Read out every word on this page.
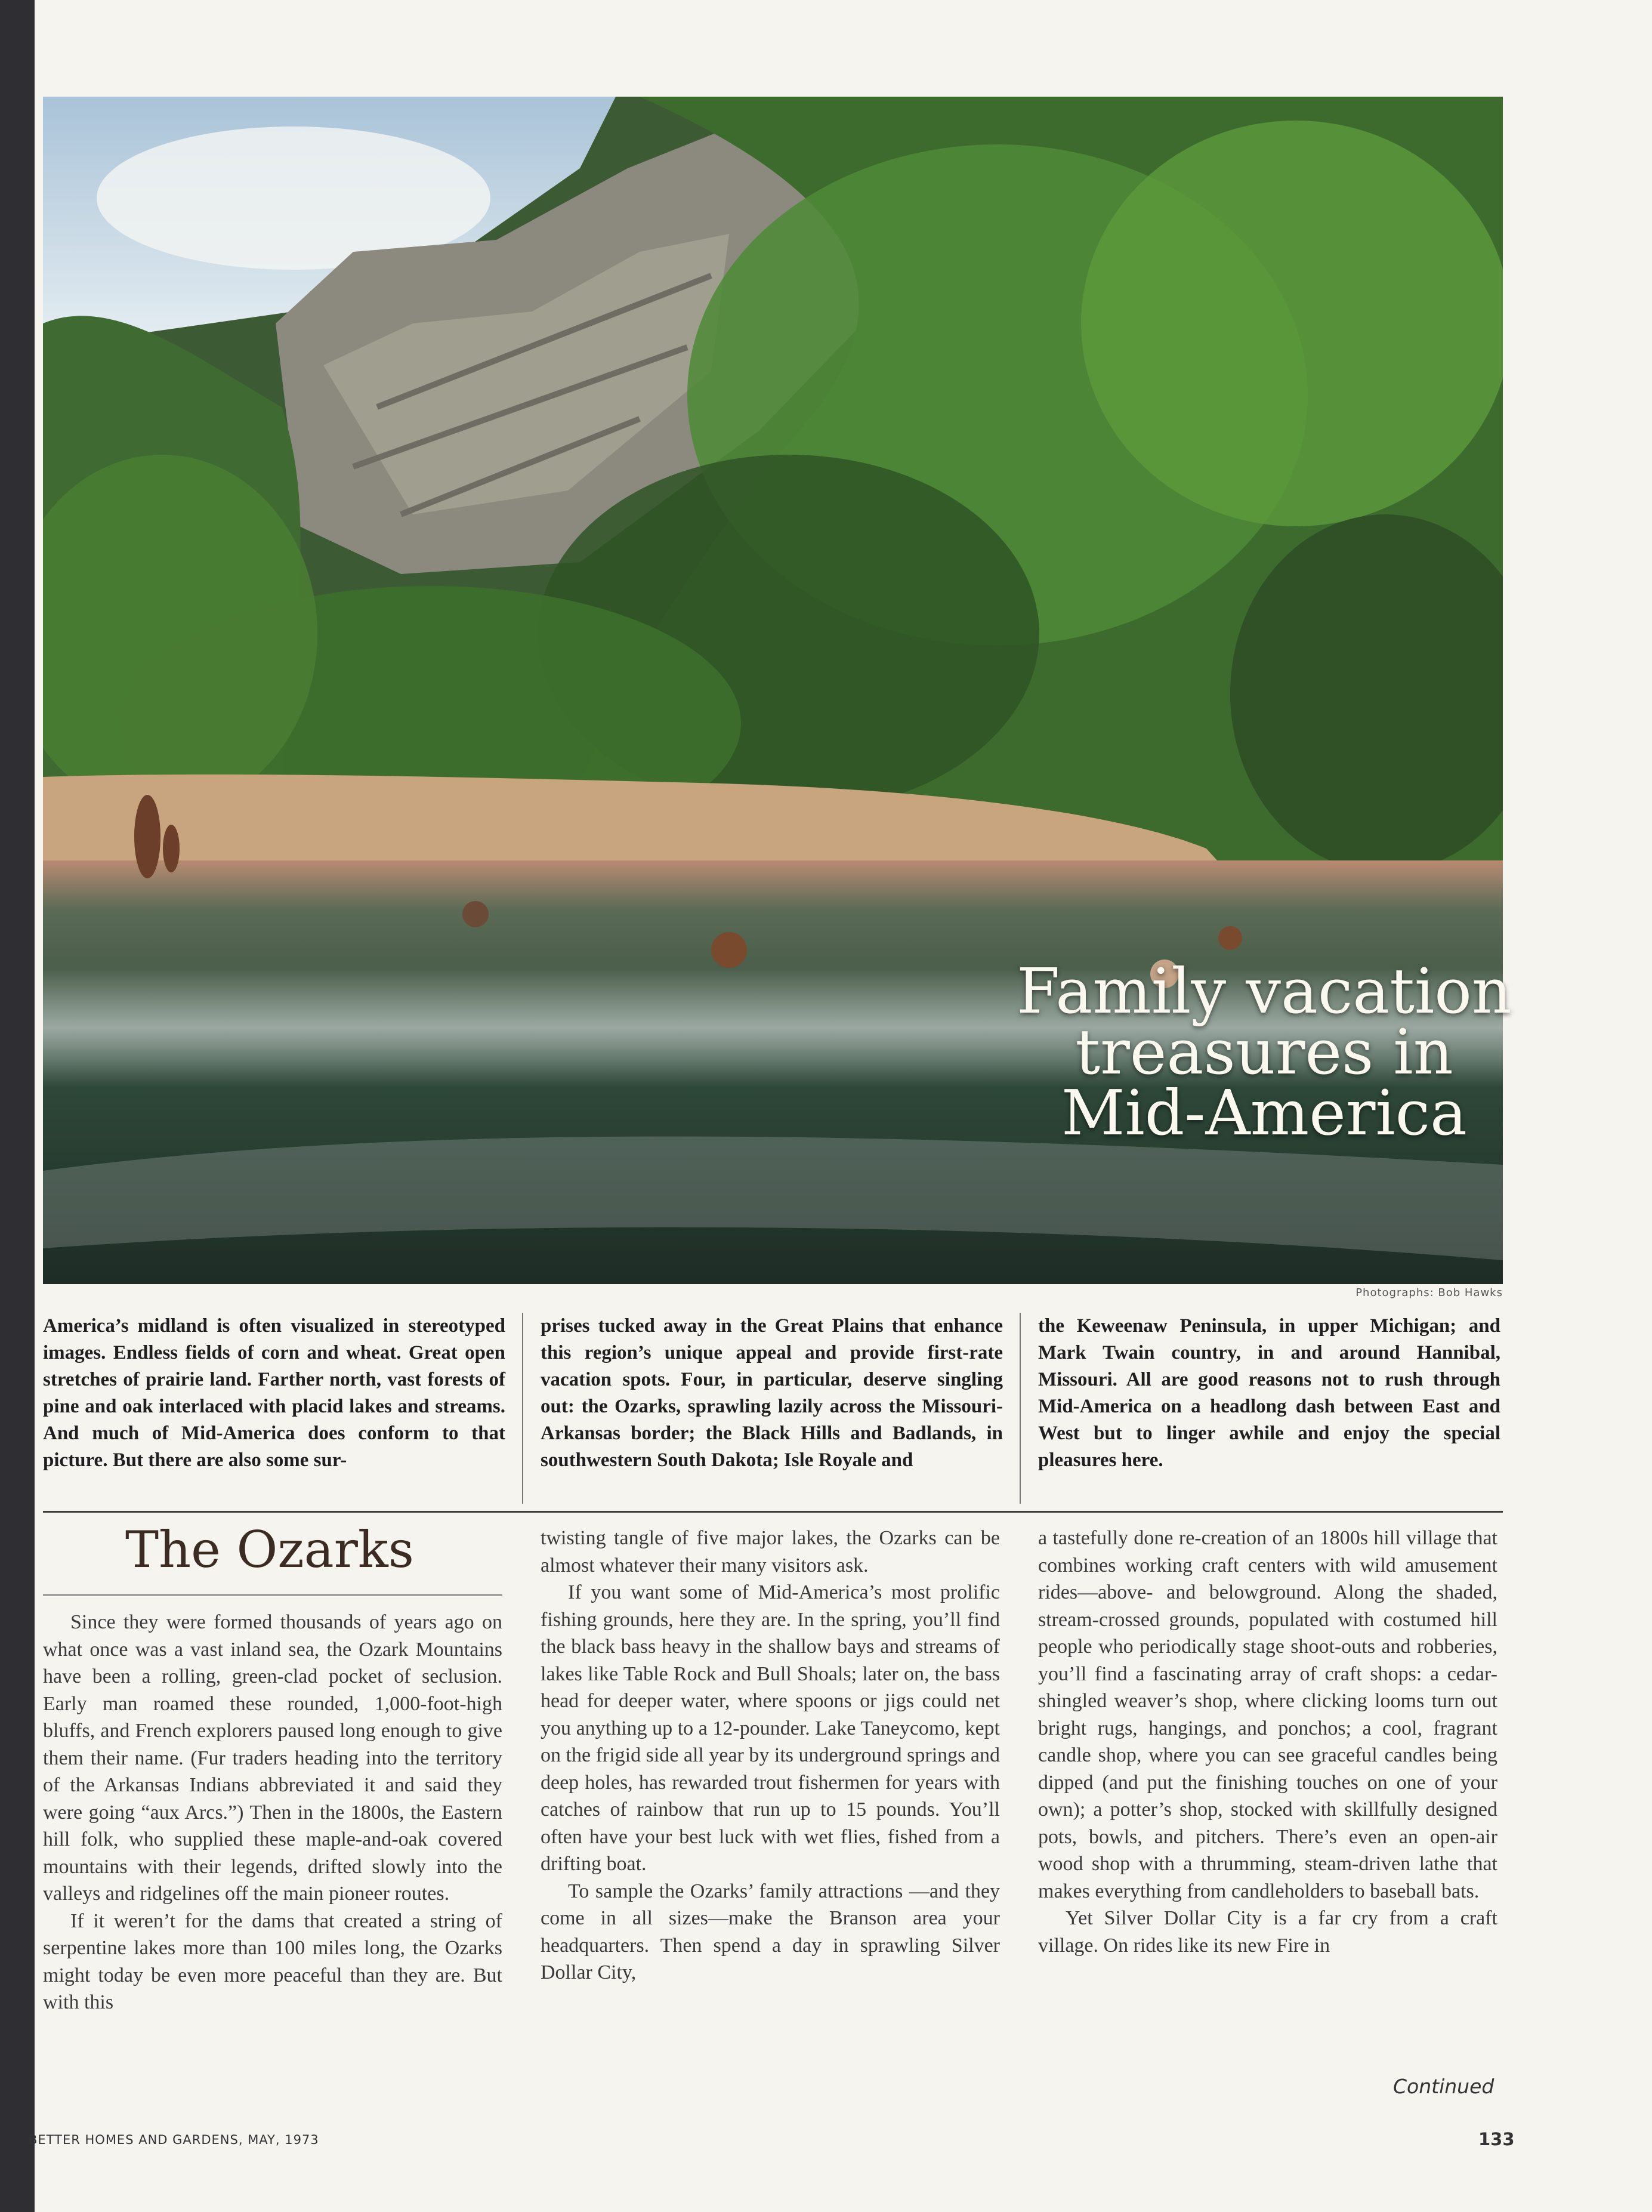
Family vacation
treasures in
Mid-America
Photographs: Bob Hawks
America’s midland is often visualized in stereotyped images. Endless fields of corn and wheat. Great open stretches of prairie land. Farther north, vast forests of pine and oak interlaced with placid lakes and streams. And much of Mid-America does conform to that picture. But there are also some sur-
prises tucked away in the Great Plains that enhance this region’s unique appeal and provide first-rate vacation spots. Four, in particular, deserve singling out: the Ozarks, sprawling lazily across the Missouri-Arkansas border; the Black Hills and Badlands, in southwestern South Dakota; Isle Royale and
the Keweenaw Peninsula, in upper Michigan; and Mark Twain country, in and around Hannibal, Missouri. All are good reasons not to rush through Mid-America on a headlong dash between East and West but to linger awhile and enjoy the special pleasures here.
The Ozarks

Since they were formed thousands of years ago on what once was a vast inland sea, the Ozark Mountains have been a rolling, green-clad pocket of seclusion. Early man roamed these rounded, 1,000-foot-high bluffs, and French explorers paused long enough to give them their name. (Fur traders heading into the territory of the Arkansas Indians abbreviated it and said they were going “aux Arcs.”) Then in the 1800s, the Eastern hill folk, who supplied these maple-and-oak covered mountains with their legends, drifted slowly into the valleys and ridgelines off the main pioneer routes.

If it weren’t for the dams that created a string of serpentine lakes more than 100 miles long, the Ozarks might today be even more peaceful than they are. But with this

twisting tangle of five major lakes, the Ozarks can be almost whatever their many visitors ask.

If you want some of Mid-America’s most prolific fishing grounds, here they are. In the spring, you’ll find the black bass heavy in the shallow bays and streams of lakes like Table Rock and Bull Shoals; later on, the bass head for deeper water, where spoons or jigs could net you anything up to a 12-pounder. Lake Taneycomo, kept on the frigid side all year by its underground springs and deep holes, has rewarded trout fishermen for years with catches of rainbow that run up to 15 pounds. You’ll often have your best luck with wet flies, fished from a drifting boat.

To sample the Ozarks’ family attractions —and they come in all sizes—make the Branson area your headquarters. Then spend a day in sprawling Silver Dollar City,

a tastefully done re-creation of an 1800s hill village that combines working craft centers with wild amusement rides—above- and belowground. Along the shaded, stream-crossed grounds, populated with costumed hill people who periodically stage shoot-outs and robberies, you’ll find a fascinating array of craft shops: a cedar-shingled weaver’s shop, where clicking looms turn out bright rugs, hangings, and ponchos; a cool, fragrant candle shop, where you can see graceful candles being dipped (and put the finishing touches on one of your own); a potter’s shop, stocked with skillfully designed pots, bowls, and pitchers. There’s even an open-air wood shop with a thrumming, steam-driven lathe that makes everything from candleholders to baseball bats.

Yet Silver Dollar City is a far cry from a craft village. On rides like its new Fire in

Continued
BETTER HOMES AND GARDENS, MAY, 1973	133
